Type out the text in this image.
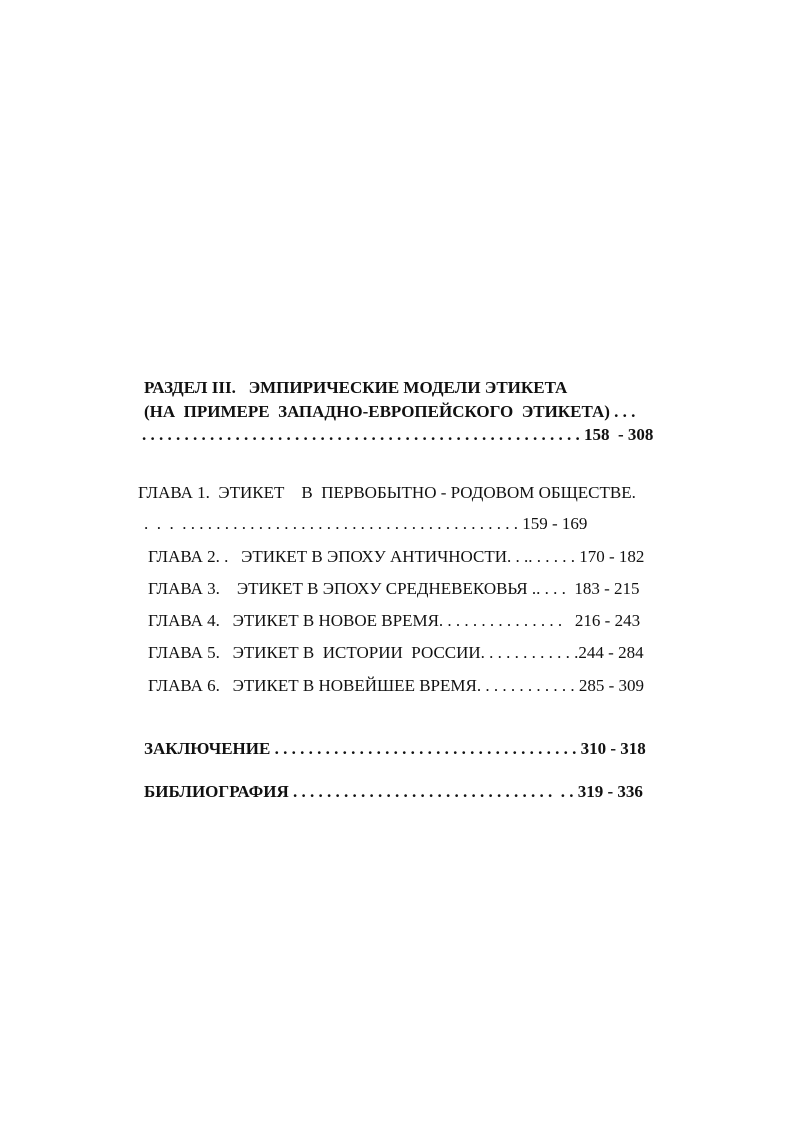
РАЗДЕЛ III.   ЭМПИРИЧЕСКИЕ МОДЕЛИ ЭТИКЕТА
(НА  ПРИМЕРЕ  ЗАПАДНО-ЕВРОПЕЙСКОГО  ЭТИКЕТА) . . .
. . . . . . . . . . . . . . . . . . . . . . . . . . . . . . . . . . . . . . . . . . . . . . . . . . . . 158  - 308
ГЛАВА 1.  ЭТИКЕТ    В  ПЕРВОБЫТНО - РОДОВОМ ОБЩЕСТВЕ.
.  .  .  . . . . . . . . . . . . . . . . . . . . . . . . . . . . . . . . . . . . . . . . 159 - 169
ГЛАВА 2. .   ЭТИКЕТ В ЭПОХУ АНТИЧНОСТИ. . .. . . . . . 170 - 182
ГЛАВА 3.    ЭТИКЕТ В ЭПОХУ СРЕДНЕВЕКОВЬЯ .. . . .  183 - 215
ГЛАВА 4.   ЭТИКЕТ В НОВОЕ ВРЕМЯ. . . . . . . . . . . . . . .   216 - 243
ГЛАВА 5.   ЭТИКЕТ В  ИСТОРИИ  РОССИИ. . . . . . . . . . . .244 - 284
ГЛАВА 6.   ЭТИКЕТ В НОВЕЙШЕЕ ВРЕМЯ. . . . . . . . . . . . 285 - 309
ЗАКЛЮЧЕНИЕ . . . . . . . . . . . . . . . . . . . . . . . . . . . . . . . . . . . . 310 - 318
БИБЛИОГРАФИЯ . . . . . . . . . . . . . . . . . . . . . . . . . . . . . . .  . . 319 - 336
